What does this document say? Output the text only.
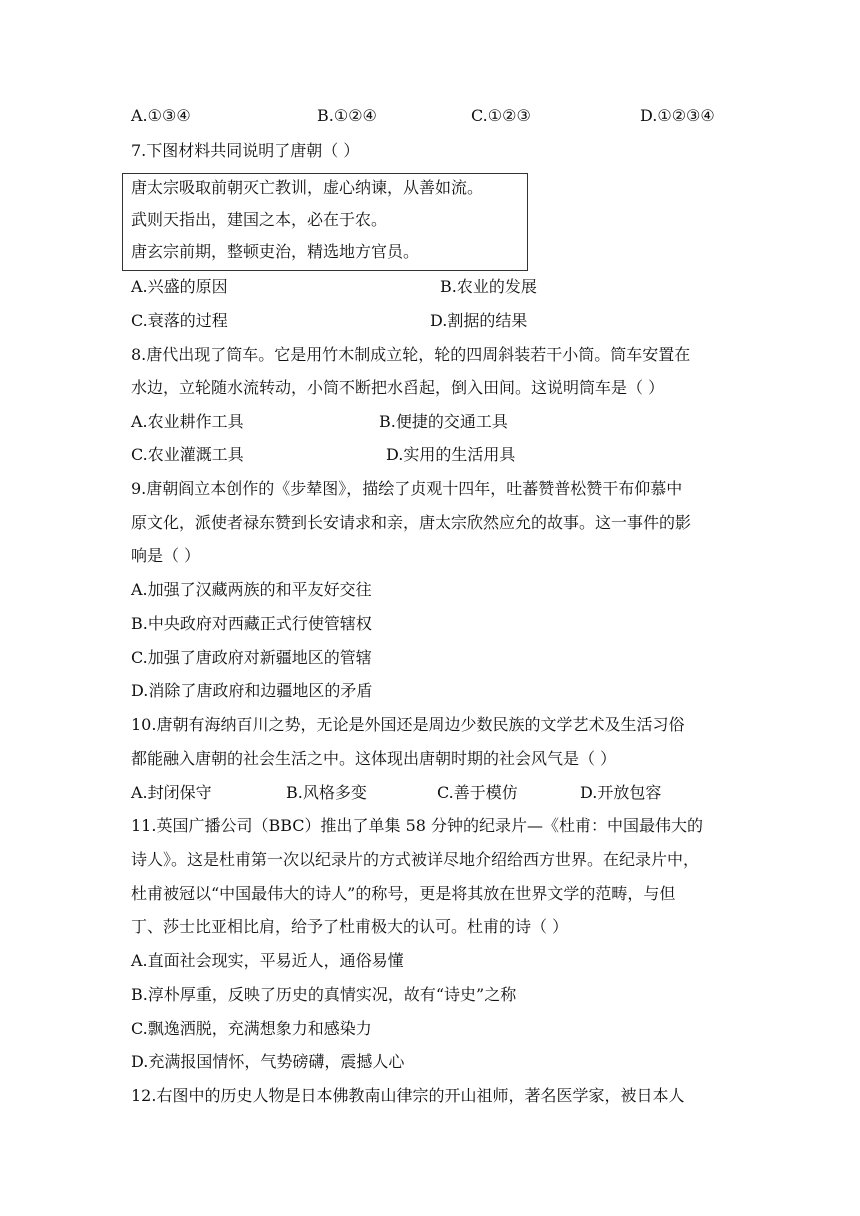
A.①③④	B.①②④	C.①②③	D.①②③④
7.下图材料共同说明了唐朝（ ）
唐太宗吸取前朝灭亡教训，虚心纳谏，从善如流。
武则天指出，建国之本，必在于农。
唐玄宗前期，整顿吏治，精选地方官员。
A.兴盛的原因	B.农业的发展
C.衰落的过程	D.割据的结果
8.唐代出现了筒车。它是用竹木制成立轮，轮的四周斜装若干小筒。筒车安置在
水边，立轮随水流转动，小筒不断把水舀起，倒入田间。这说明筒车是（ ）
A.农业耕作工具	B.便捷的交通工具
C.农业灌溉工具	D.实用的生活用具
9.唐朝阎立本创作的《步辇图》，描绘了贞观十四年，吐蕃赞普松赞干布仰慕中
原文化，派使者禄东赞到长安请求和亲，唐太宗欣然应允的故事。这一事件的影
响是（ ）
A.加强了汉藏两族的和平友好交往
B.中央政府对西藏正式行使管辖权
C.加强了唐政府对新疆地区的管辖
D.消除了唐政府和边疆地区的矛盾
10.唐朝有海纳百川之势，无论是外国还是周边少数民族的文学艺术及生活习俗
都能融入唐朝的社会生活之中。这体现出唐朝时期的社会风气是（ ）
A.封闭保守	B.风格多变	C.善于模仿	D.开放包容
11.英国广播公司（BBC）推出了单集 58 分钟的纪录片—《杜甫：中国最伟大的
诗人》。这是杜甫第一次以纪录片的方式被详尽地介绍给西方世界。在纪录片中，
杜甫被冠以“中国最伟大的诗人”的称号，更是将其放在世界文学的范畴，与但
丁、莎士比亚相比肩，给予了杜甫极大的认可。杜甫的诗（ ）
A.直面社会现实，平易近人，通俗易懂
B.淳朴厚重，反映了历史的真情实况，故有“诗史”之称
C.飘逸洒脱，充满想象力和感染力
D.充满报国情怀，气势磅礴，震撼人心
12.右图中的历史人物是日本佛教南山律宗的开山祖师，著名医学家，被日本人
